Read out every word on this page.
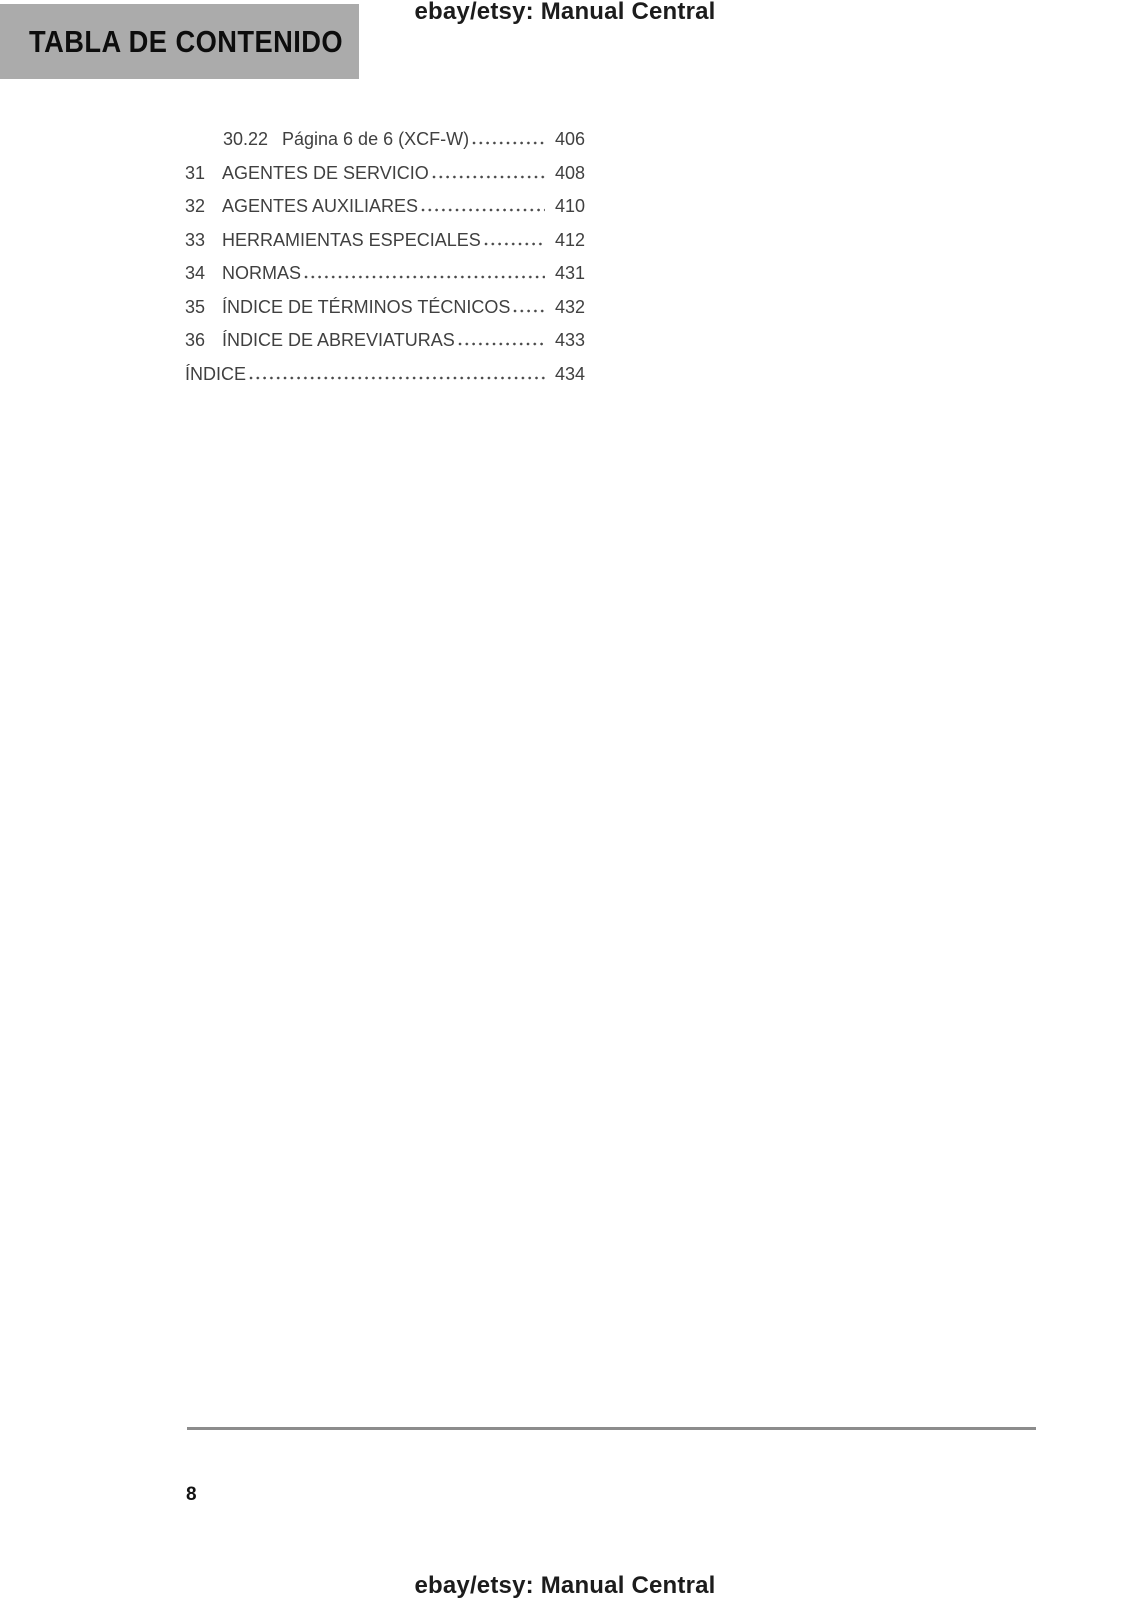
ebay/etsy: Manual Central
TABLA DE CONTENIDO
30.22 Página 6 de 6 (XCF-W)	406
31 AGENTES DE SERVICIO	408
32 AGENTES AUXILIARES	410
33 HERRAMIENTAS ESPECIALES	412
34 NORMAS	431
35 ÍNDICE DE TÉRMINOS TÉCNICOS 432
36 ÍNDICE DE ABREVIATURAS	433
ÍNDICE	434
8
ebay/etsy: Manual Central
